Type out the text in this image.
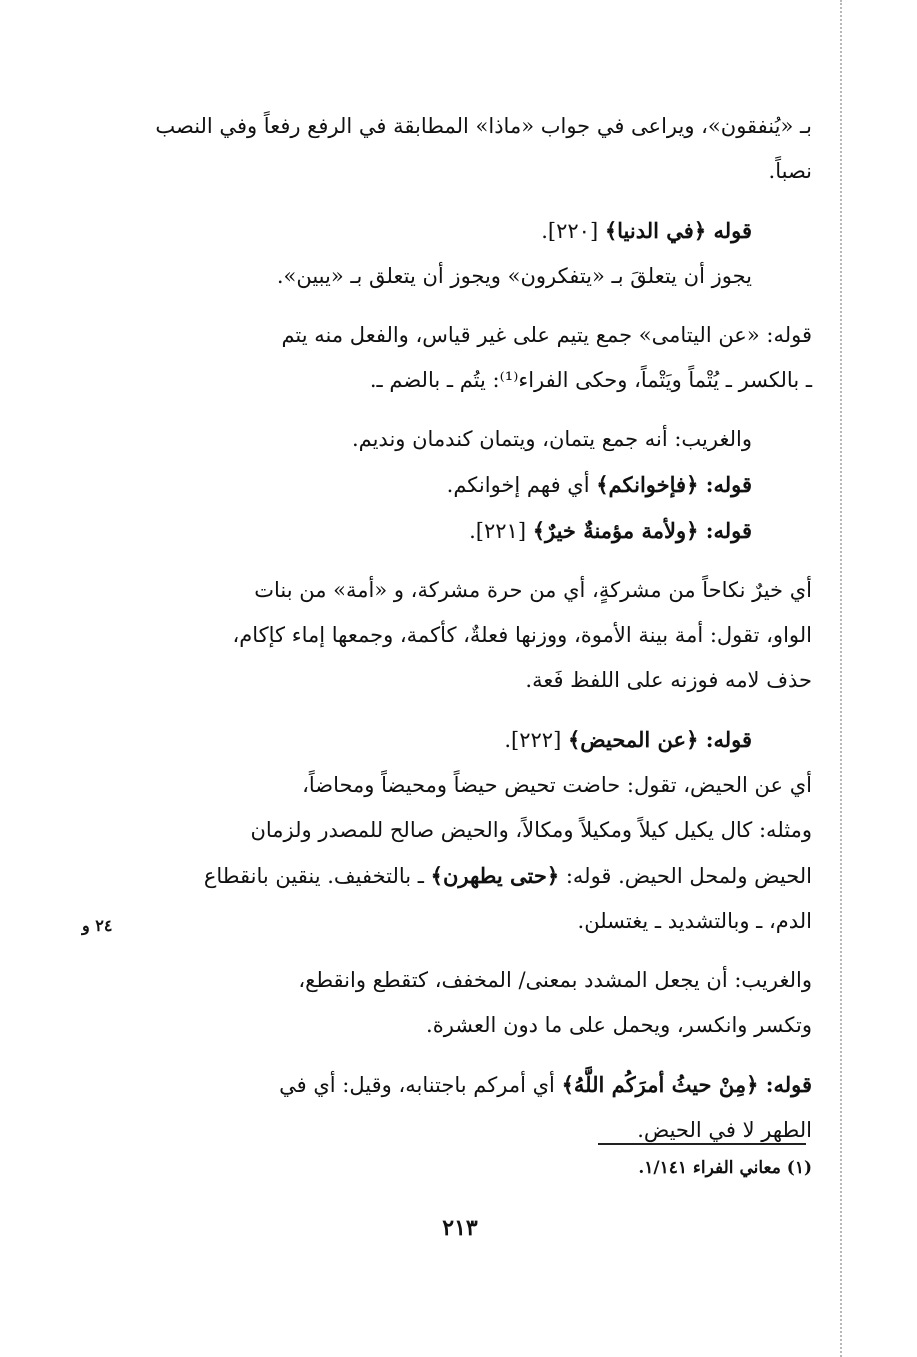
بـ «يُنفقون»، ويراعى في جواب «ماذا» المطابقة في الرفع رفعاً وفي النصب
نصباً.

قوله ﴿في الدنيا﴾ [٢٢٠].

يجوز أن يتعلقَ بـ «يتفكرون» ويجوز أن يتعلق بـ «يبين».

قوله: «عن اليتامى» جمع يتيم على غير قياس، والفعل منه يتم
ـ بالكسر ـ يُتْماً ويَتْماً، وحكى الفراء⁽¹⁾: يتُم ـ بالضم ـ.

والغريب: أنه جمع يتمان، ويتمان كندمان ونديم.

قوله: ﴿فإخوانكم﴾ أي فهم إخوانكم.

قوله: ﴿ولأمة مؤمنةٌ خيرٌ﴾ [٢٢١].

أي خيرٌ نكاحاً من مشركةٍ، أي من حرة مشركة، و «أمة» من بنات
الواو، تقول: أمة بينة الأموة، ووزنها فعلةٌ، كأكمة، وجمعها إماء كإكام،
حذف لامه فوزنه على اللفظ فَعة.

قوله: ﴿عن المحيض﴾ [٢٢٢].

أي عن الحيض، تقول: حاضت تحيض حيضاً ومحيضاً ومحاضاً،
ومثله: كال يكيل كيلاً ومكيلاً ومكالاً، والحيض صالح للمصدر ولزمان
الحيض ولمحل الحيض. قوله: ﴿حتى يطهرن﴾ ـ بالتخفيف. ينقين بانقطاع
الدم، ـ وبالتشديد ـ يغتسلن.

والغريب: أن يجعل المشدد بمعنى/ المخفف، كتقطع وانقطع،
وتكسر وانكسر، ويحمل على ما دون العشرة.

قوله: ﴿مِنْ حيثُ أمرَكُم اللَّهُ﴾ أي أمركم باجتنابه، وقيل: أي في
الطهر لا في الحيض.

٢٤ و
(١) معاني الفراء ١/١٤١.
٢١٣
